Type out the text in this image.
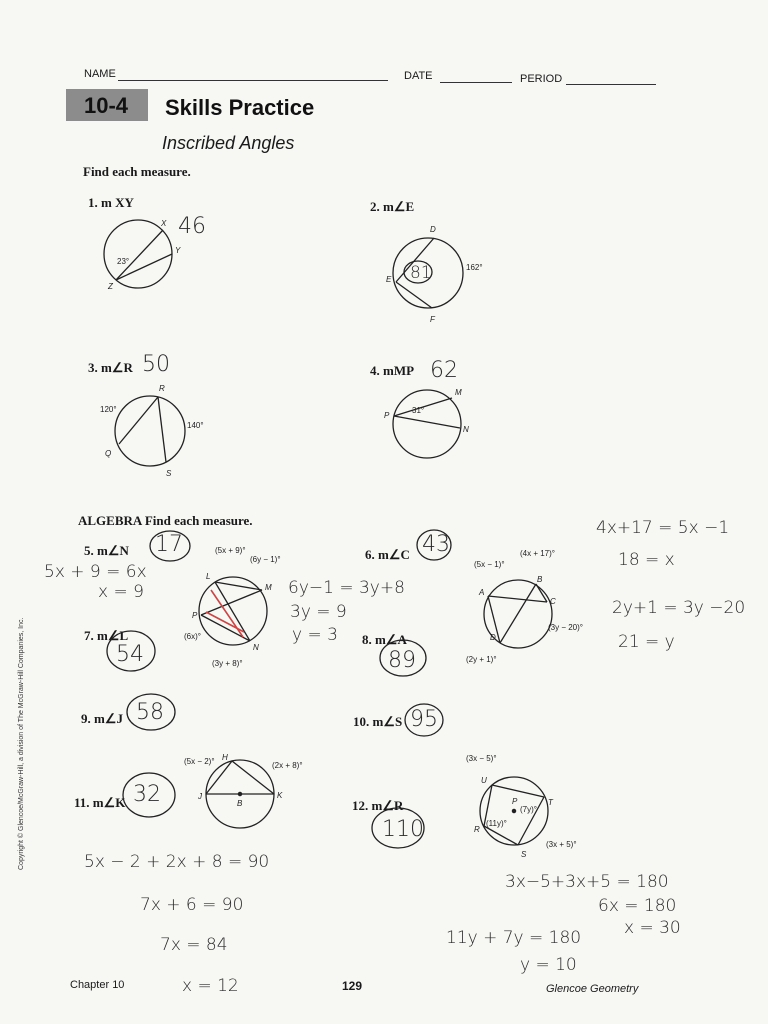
NAME	DATE	PERIOD
10-4 Skills Practice
Inscribed Angles
Find each measure.
1. m XY	2. m∠E
3. m∠R	4. mMP
ALGEBRA Find each measure.
5. m∠N	6. m∠C
7. m∠L	8. m∠A
9. m∠J	10. m∠S
11. m∠K	12. m∠R
46
81
50	62
17	43
54	89
58	95
32
110
5x + 9 = 6x
x = 9	6y−1 = 3y+8
3y = 9
y = 3
4x+17 = 5x −1
18 = x
2y+1 = 3y −20
21 = y
5x − 2 + 2x + 8 = 90
7x + 6 = 90
7x = 84
x = 12
3x−5+3x+5 = 180
6x = 180
x = 30
11y + 7y = 180
y = 10
X
Y
Z
23°
D
E
F
162°
R
Q
S
120°
140°
M
P
N
31°
L
M
N
P
(5x + 9)°
(6y − 1)°
(6x)°
(3y + 8)°
A
B
C
D
(5x − 1)°
(4x + 17)°
(3y − 20)°
(2y + 1)°
H
J	K
B
(5x − 2)°	(2x + 8)°
U
T
R
S
P
(3x − 5)°
(7y)°
(11y)°
(3x + 5)°
Chapter 10	129	Glencoe Geometry
Copyright © Glencoe/McGraw-Hill, a division of The McGraw-Hill Companies, Inc.
